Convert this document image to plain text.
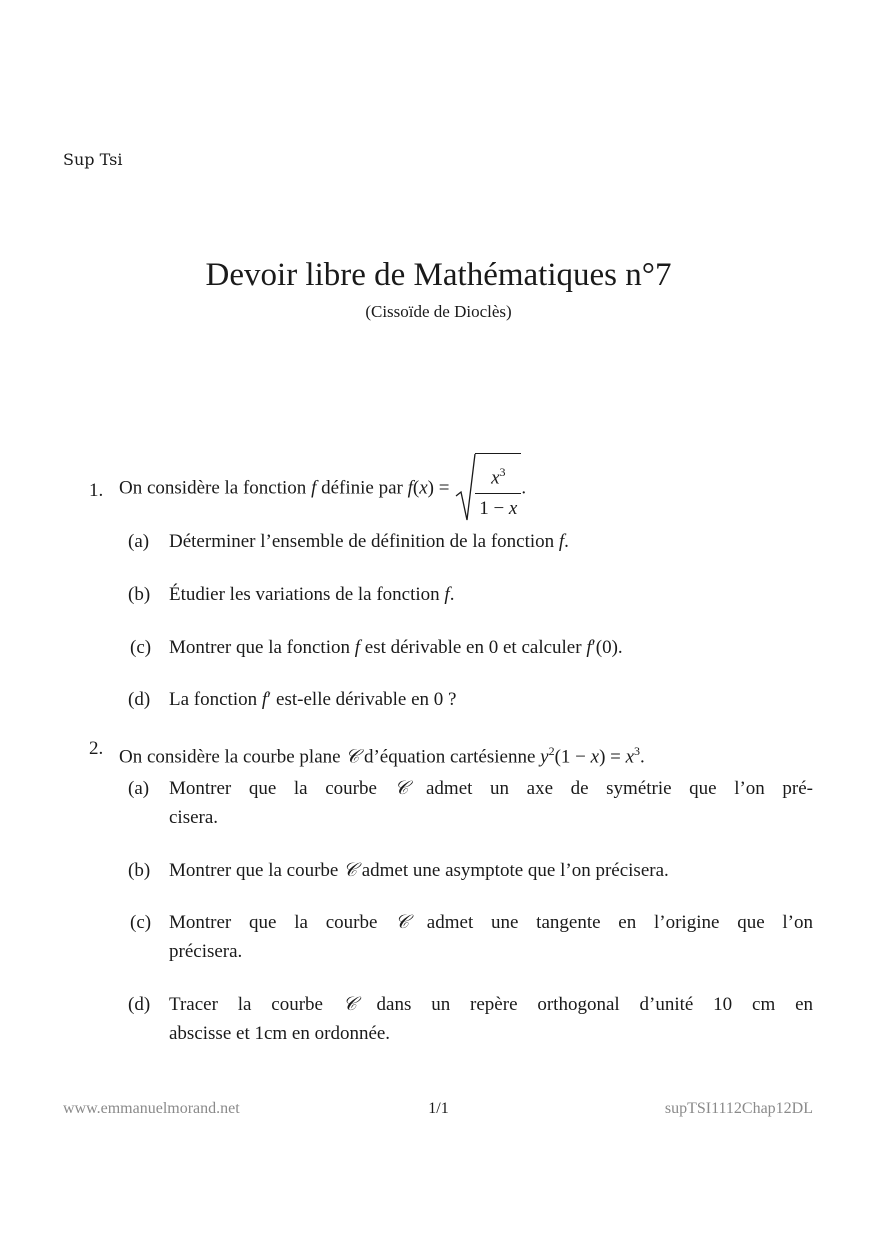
Sup Tsi
Devoir libre de Mathématiques n°7
(Cissoïde de Dioclès)
1. On considère la fonction f définie par $f(x) = \frac{x^3}{1 - x}$ .
(a) Déterminer l’ensemble de définition de la fonction f.
(b) Étudier les variations de la fonction f.
(c) Montrer que la fonction f est dérivable en 0 et calculer f′(0).
(d) La fonction f′ est-elle dérivable en 0 ?
2. On considère la courbe plane 𝒞 d’équation cartésienne $y^2(1 - x) = x^3$.
(a) Montrer que la courbe 𝒞 admet un axe de symétrie que l’on pré-
cisera.
(b) Montrer que la courbe 𝒞 admet une asymptote que l’on précisera.
(c) Montrer que la courbe 𝒞 admet une tangente en l’origine que l’on
précisera.
(d) Tracer la courbe 𝒞 dans un repère orthogonal d’unité 10 cm en
abscisse et 1cm en ordonnée.
www.emmanuelmorand.net	1/1	supTSI1112Chap12DL
